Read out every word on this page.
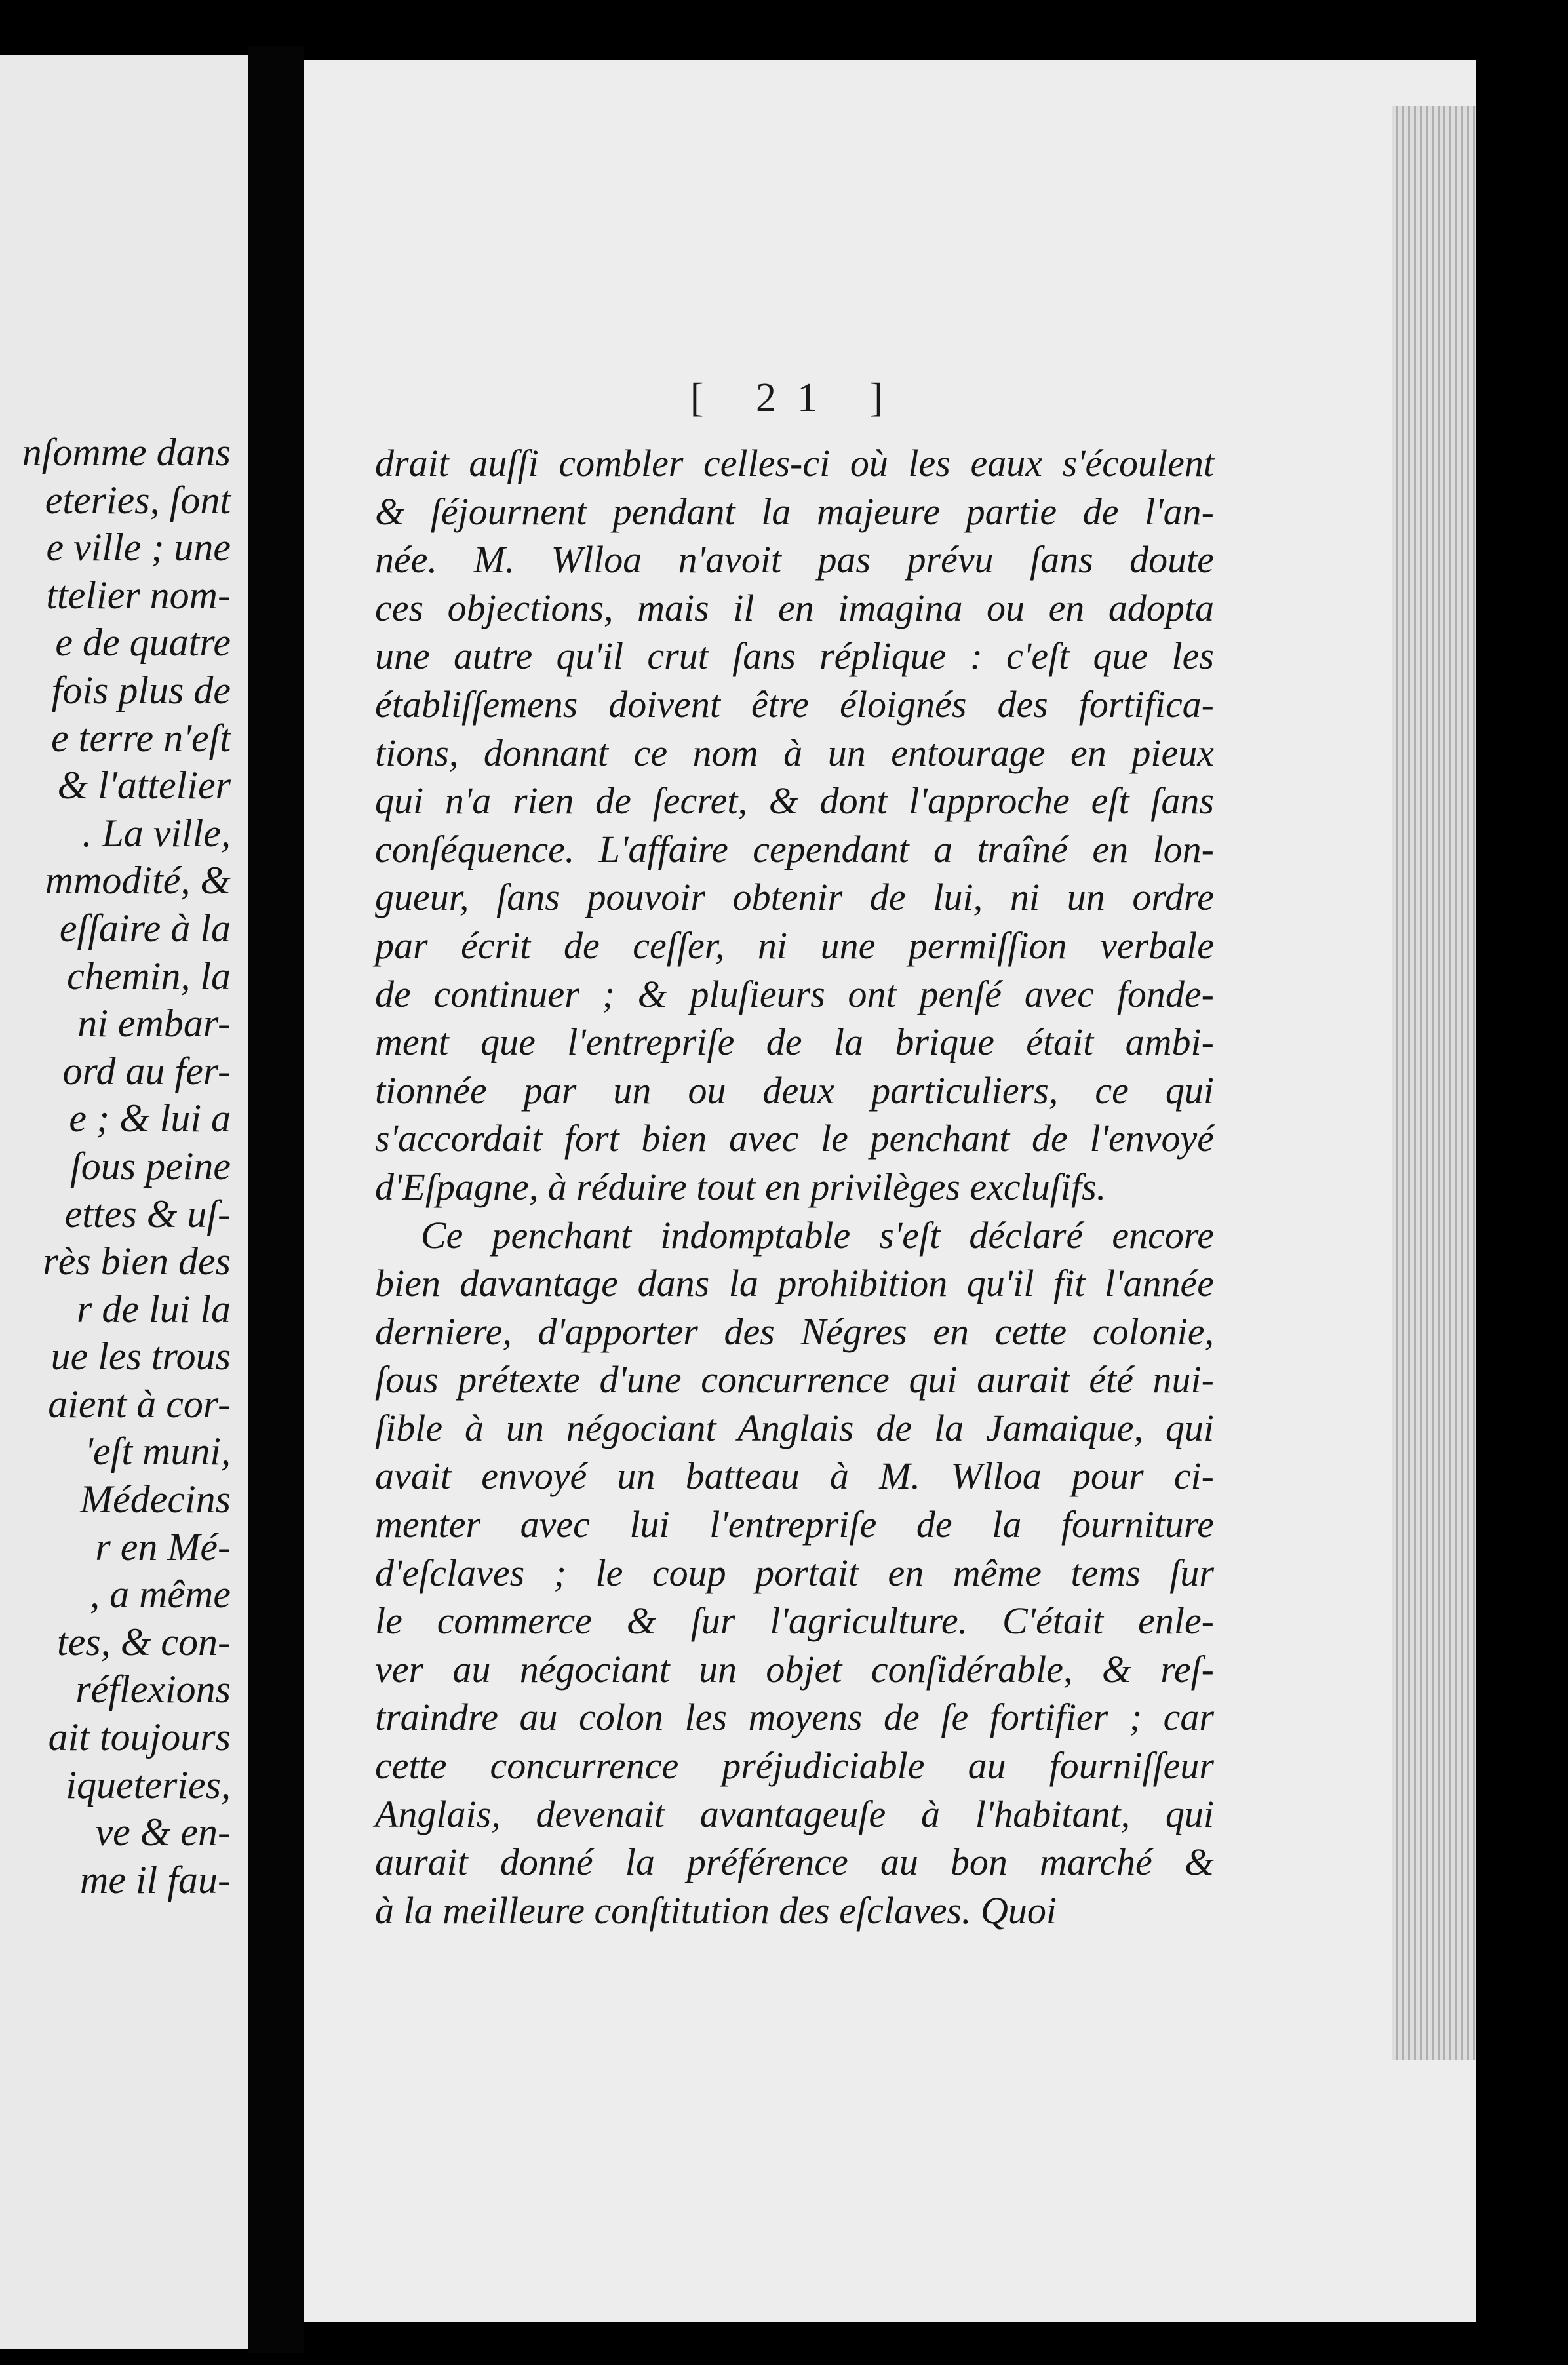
nſomme dans
eteries, ſont
e ville ; une
ttelier nom-
e de quatre
fois plus de
e terre n'eſt
& l'attelier
. La ville,
mmodité, &
eſſaire à la
chemin, la
ni embar-
ord au fer-
e ; & lui a
ſous peine
ettes & uſ-
rès bien des
r de lui la
ue les trous
aient à cor-
'eſt muni,
Médecins
r en Mé-
, a même
tes, & con-
réflexions
ait toujours
iqueteries,
ve & en-
me il fau-
[ 21 ]
drait auſſi combler celles-ci où les eaux s'écoulent
& ſéjournent pendant la majeure partie de l'an-
née. M. Wlloa n'avoit pas prévu ſans doute
ces objections, mais il en imagina ou en adopta
une autre qu'il crut ſans réplique : c'eſt que les
établiſſemens doivent être éloignés des fortifica-
tions, donnant ce nom à un entourage en pieux
qui n'a rien de ſecret, & dont l'approche eſt ſans
conſéquence. L'affaire cependant a traîné en lon-
gueur, ſans pouvoir obtenir de lui, ni un ordre
par écrit de ceſſer, ni une permiſſion verbale
de continuer ; & pluſieurs ont penſé avec fonde-
ment que l'entrepriſe de la brique était ambi-
tionnée par un ou deux particuliers, ce qui
s'accordait fort bien avec le penchant de l'envoyé
d'Eſpagne, à réduire tout en privilèges excluſifs.
Ce penchant indomptable s'eſt déclaré encore
bien davantage dans la prohibition qu'il fit l'année
derniere, d'apporter des Négres en cette colonie,
ſous prétexte d'une concurrence qui aurait été nui-
ſible à un négociant Anglais de la Jamaique, qui
avait envoyé un batteau à M. Wlloa pour ci-
menter avec lui l'entrepriſe de la fourniture
d'eſclaves ; le coup portait en même tems ſur
le commerce & ſur l'agriculture. C'était enle-
ver au négociant un objet conſidérable, & reſ-
traindre au colon les moyens de ſe fortifier ; car
cette concurrence préjudiciable au fourniſſeur
Anglais, devenait avantageuſe à l'habitant, qui
aurait donné la préférence au bon marché &
à la meilleure conſtitution des eſclaves. Quoi
